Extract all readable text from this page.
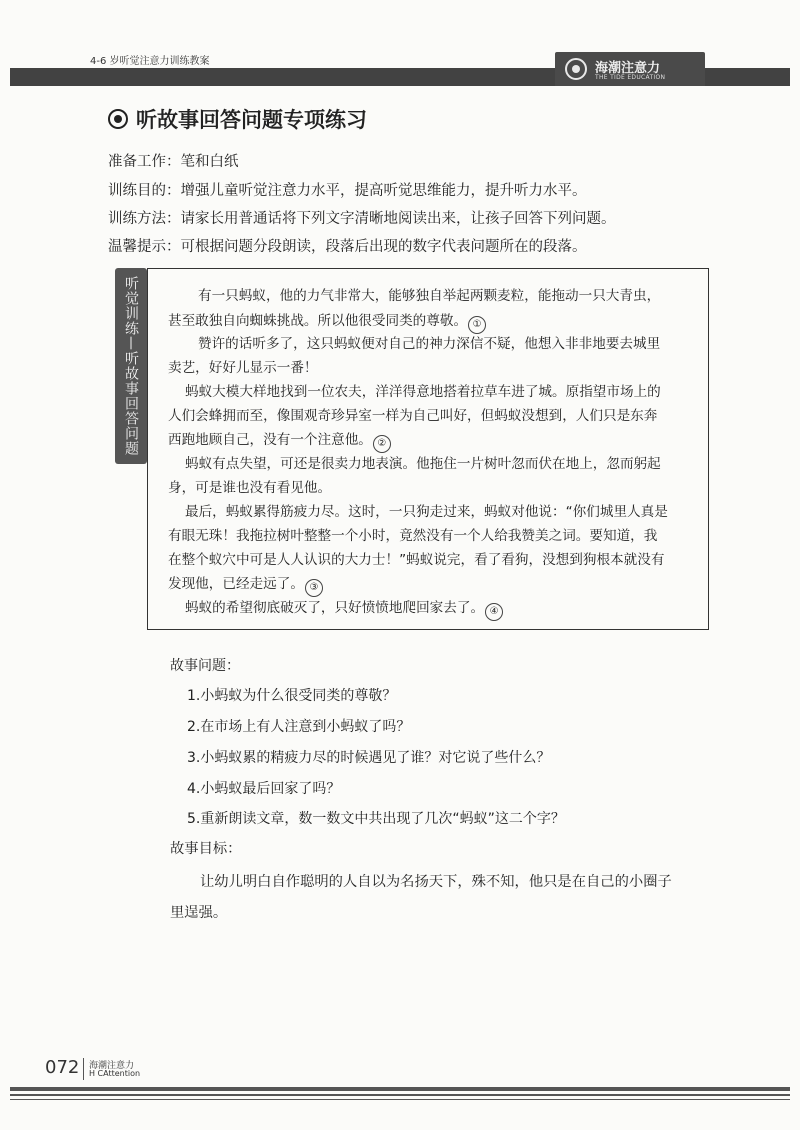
4-6 岁听觉注意力训练教案	海潮注意力
THE TIDE EDUCATION
听故事回答问题专项练习
准备工作：笔和白纸
训练目的：增强儿童听觉注意力水平，提高听觉思维能力，提升听力水平。
训练方法：请家长用普通话将下列文字清晰地阅读出来，让孩子回答下列问题。
温馨提示：可根据问题分段朗读，段落后出现的数字代表问题所在的段落。
听觉训练—听故事回答问题	有一只蚂蚁，他的力气非常大，能够独自举起两颗麦粒，能拖动一只大青虫，
甚至敢独自向蜘蛛挑战。所以他很受同类的尊敬。 ①
赞许的话听多了，这只蚂蚁便对自己的神力深信不疑，他想入非非地要去城里
卖艺，好好儿显示一番！
蚂蚁大模大样地找到一位农夫，洋洋得意地搭着拉草车进了城。原指望市场上的
人们会蜂拥而至，像围观奇珍异室一样为自己叫好，但蚂蚁没想到，人们只是东奔
西跑地顾自己，没有一个注意他。 ②
蚂蚁有点失望，可还是很卖力地表演。他拖住一片树叶忽而伏在地上，忽而躬起
身，可是谁也没有看见他。
最后，蚂蚁累得筋疲力尽。这时，一只狗走过来，蚂蚁对他说：“你们城里人真是
有眼无珠！我拖拉树叶整整一个小时，竟然没有一个人给我赞美之词。要知道，我
在整个蚁穴中可是人人认识的大力士！”蚂蚁说完，看了看狗，没想到狗根本就没有
发现他，已经走远了。 ③
蚂蚁的希望彻底破灭了，只好愤愤地爬回家去了。 ④
故事问题：
1.小蚂蚁为什么很受同类的尊敬？
2.在市场上有人注意到小蚂蚁了吗？
3.小蚂蚁累的精疲力尽的时候遇见了谁？对它说了些什么？
4.小蚂蚁最后回家了吗？
5.重新朗读文章，数一数文中共出现了几次“蚂蚁”这二个字？
故事目标：
让幼儿明白自作聪明的人自以为名扬天下，殊不知，他只是在自己的小圈子
里逞强。
072 海潮注意力
H CAttention
